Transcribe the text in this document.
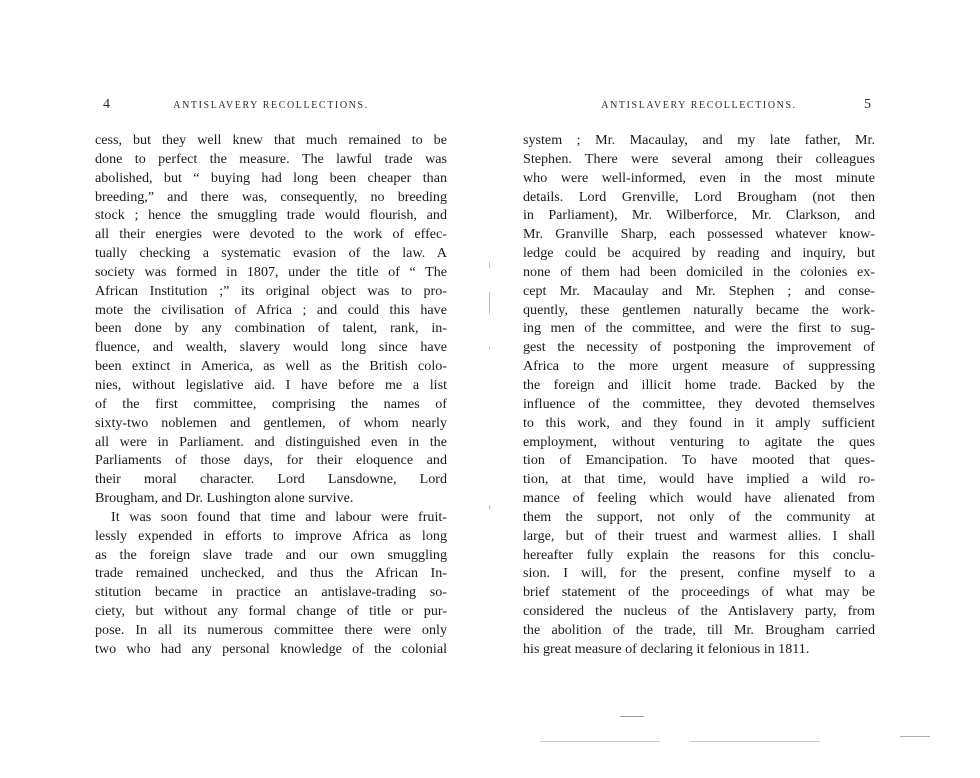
4	ANTISLAVERY RECOLLECTIONS.
cess, but they well knew that much remained to be
done to perfect the measure. The lawful trade was
abolished, but “ buying had long been cheaper than
breeding,” and there was, consequently, no breeding
stock ; hence the smuggling trade would flourish, and
all their energies were devoted to the work of effec-
tually checking a systematic evasion of the law. A
society was formed in 1807, under the title of “ The
African Institution ;” its original object was to pro-
mote the civilisation of Africa ; and could this have
been done by any combination of talent, rank, in-
fluence, and wealth, slavery would long since have
been extinct in America, as well as the British colo-
nies, without legislative aid. I have before me a list
of the first committee, comprising the names of
sixty-two noblemen and gentlemen, of whom nearly
all were in Parliament. and distinguished even in the
Parliaments of those days, for their eloquence and
their moral character. Lord Lansdowne, Lord
Brougham, and Dr. Lushington alone survive.
It was soon found that time and labour were fruit-
lessly expended in efforts to improve Africa as long
as the foreign slave trade and our own smuggling
trade remained unchecked, and thus the African In-
stitution became in practice an antislave-trading so-
ciety, but without any formal change of title or pur-
pose. In all its numerous committee there were only
two who had any personal knowledge of the colonial
ANTISLAVERY RECOLLECTIONS.	5
system ; Mr. Macaulay, and my late father, Mr.
Stephen. There were several among their colleagues
who were well-informed, even in the most minute
details. Lord Grenville, Lord Brougham (not then
in Parliament), Mr. Wilberforce, Mr. Clarkson, and
Mr. Granville Sharp, each possessed whatever know-
ledge could be acquired by reading and inquiry, but
none of them had been domiciled in the colonies ex-
cept Mr. Macaulay and Mr. Stephen ; and conse-
quently, these gentlemen naturally became the work-
ing men of the committee, and were the first to sug-
gest the necessity of postponing the improvement of
Africa to the more urgent measure of suppressing
the foreign and illicit home trade. Backed by the
influence of the committee, they devoted themselves
to this work, and they found in it amply sufficient
employment, without venturing to agitate the ques
tion of Emancipation. To have mooted that ques-
tion, at that time, would have implied a wild ro-
mance of feeling which would have alienated from
them the support, not only of the community at
large, but of their truest and warmest allies. I shall
hereafter fully explain the reasons for this conclu-
sion. I will, for the present, confine myself to a
brief statement of the proceedings of what may be
considered the nucleus of the Antislavery party, from
the abolition of the trade, till Mr. Brougham carried
his great measure of declaring it felonious in 1811.
